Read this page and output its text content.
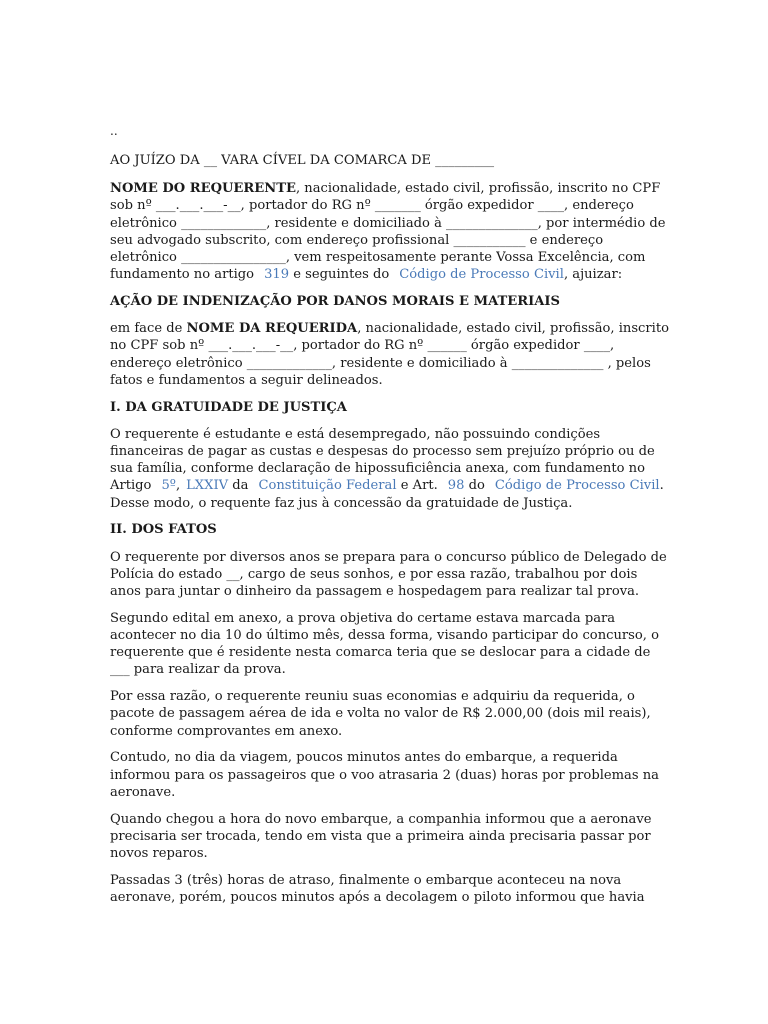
..

AO JUÍZO DA __ VARA CÍVEL DA COMARCA DE _________

NOME DO REQUERENTE, nacionalidade, estado civil, profissão, inscrito no CPF sob nº ___.___.___-__, portador do RG nº _______ órgão expedidor ____, endereço eletrônico _____________, residente e domiciliado à ______________, por intermédio de seu advogado subscrito, com endereço profissional ___________ e endereço eletrônico ________________, vem respeitosamente perante Vossa Excelência, com fundamento no artigo 319 e seguintes do Código de Processo Civil, ajuizar:

AÇÃO DE INDENIZAÇÃO POR DANOS MORAIS E MATERIAIS

em face de NOME DA REQUERIDA, nacionalidade, estado civil, profissão, inscrito no CPF sob nº ___.___.___-__, portador do RG nº ______ órgão expedidor ____, endereço eletrônico _____________, residente e domiciliado à ______________ , pelos fatos e fundamentos a seguir delineados.

I. DA GRATUIDADE DE JUSTIÇA

O requerente é estudante e está desempregado, não possuindo condições financeiras de pagar as custas e despesas do processo sem prejuízo próprio ou de sua família, conforme declaração de hipossuficiência anexa, com fundamento no Artigo 5º, LXXIV da Constituição Federal e Art. 98 do Código de Processo Civil. Desse modo, o requente faz jus à concessão da gratuidade de Justiça.

II. DOS FATOS

O requerente por diversos anos se prepara para o concurso público de Delegado de Polícia do estado __, cargo de seus sonhos, e por essa razão, trabalhou por dois anos para juntar o dinheiro da passagem e hospedagem para realizar tal prova.

Segundo edital em anexo, a prova objetiva do certame estava marcada para acontecer no dia 10 do último mês, dessa forma, visando participar do concurso, o requerente que é residente nesta comarca teria que se deslocar para a cidade de ___ para realizar da prova.

Por essa razão, o requerente reuniu suas economias e adquiriu da requerida, o pacote de passagem aérea de ida e volta no valor de R$ 2.000,00 (dois mil reais), conforme comprovantes em anexo.

Contudo, no dia da viagem, poucos minutos antes do embarque, a requerida informou para os passageiros que o voo atrasaria 2 (duas) horas por problemas na aeronave.

Quando chegou a hora do novo embarque, a companhia informou que a aeronave precisaria ser trocada, tendo em vista que a primeira ainda precisaria passar por novos reparos.

Passadas 3 (três) horas de atraso, finalmente o embarque aconteceu na nova aeronave, porém, poucos minutos após a decolagem o piloto informou que havia
